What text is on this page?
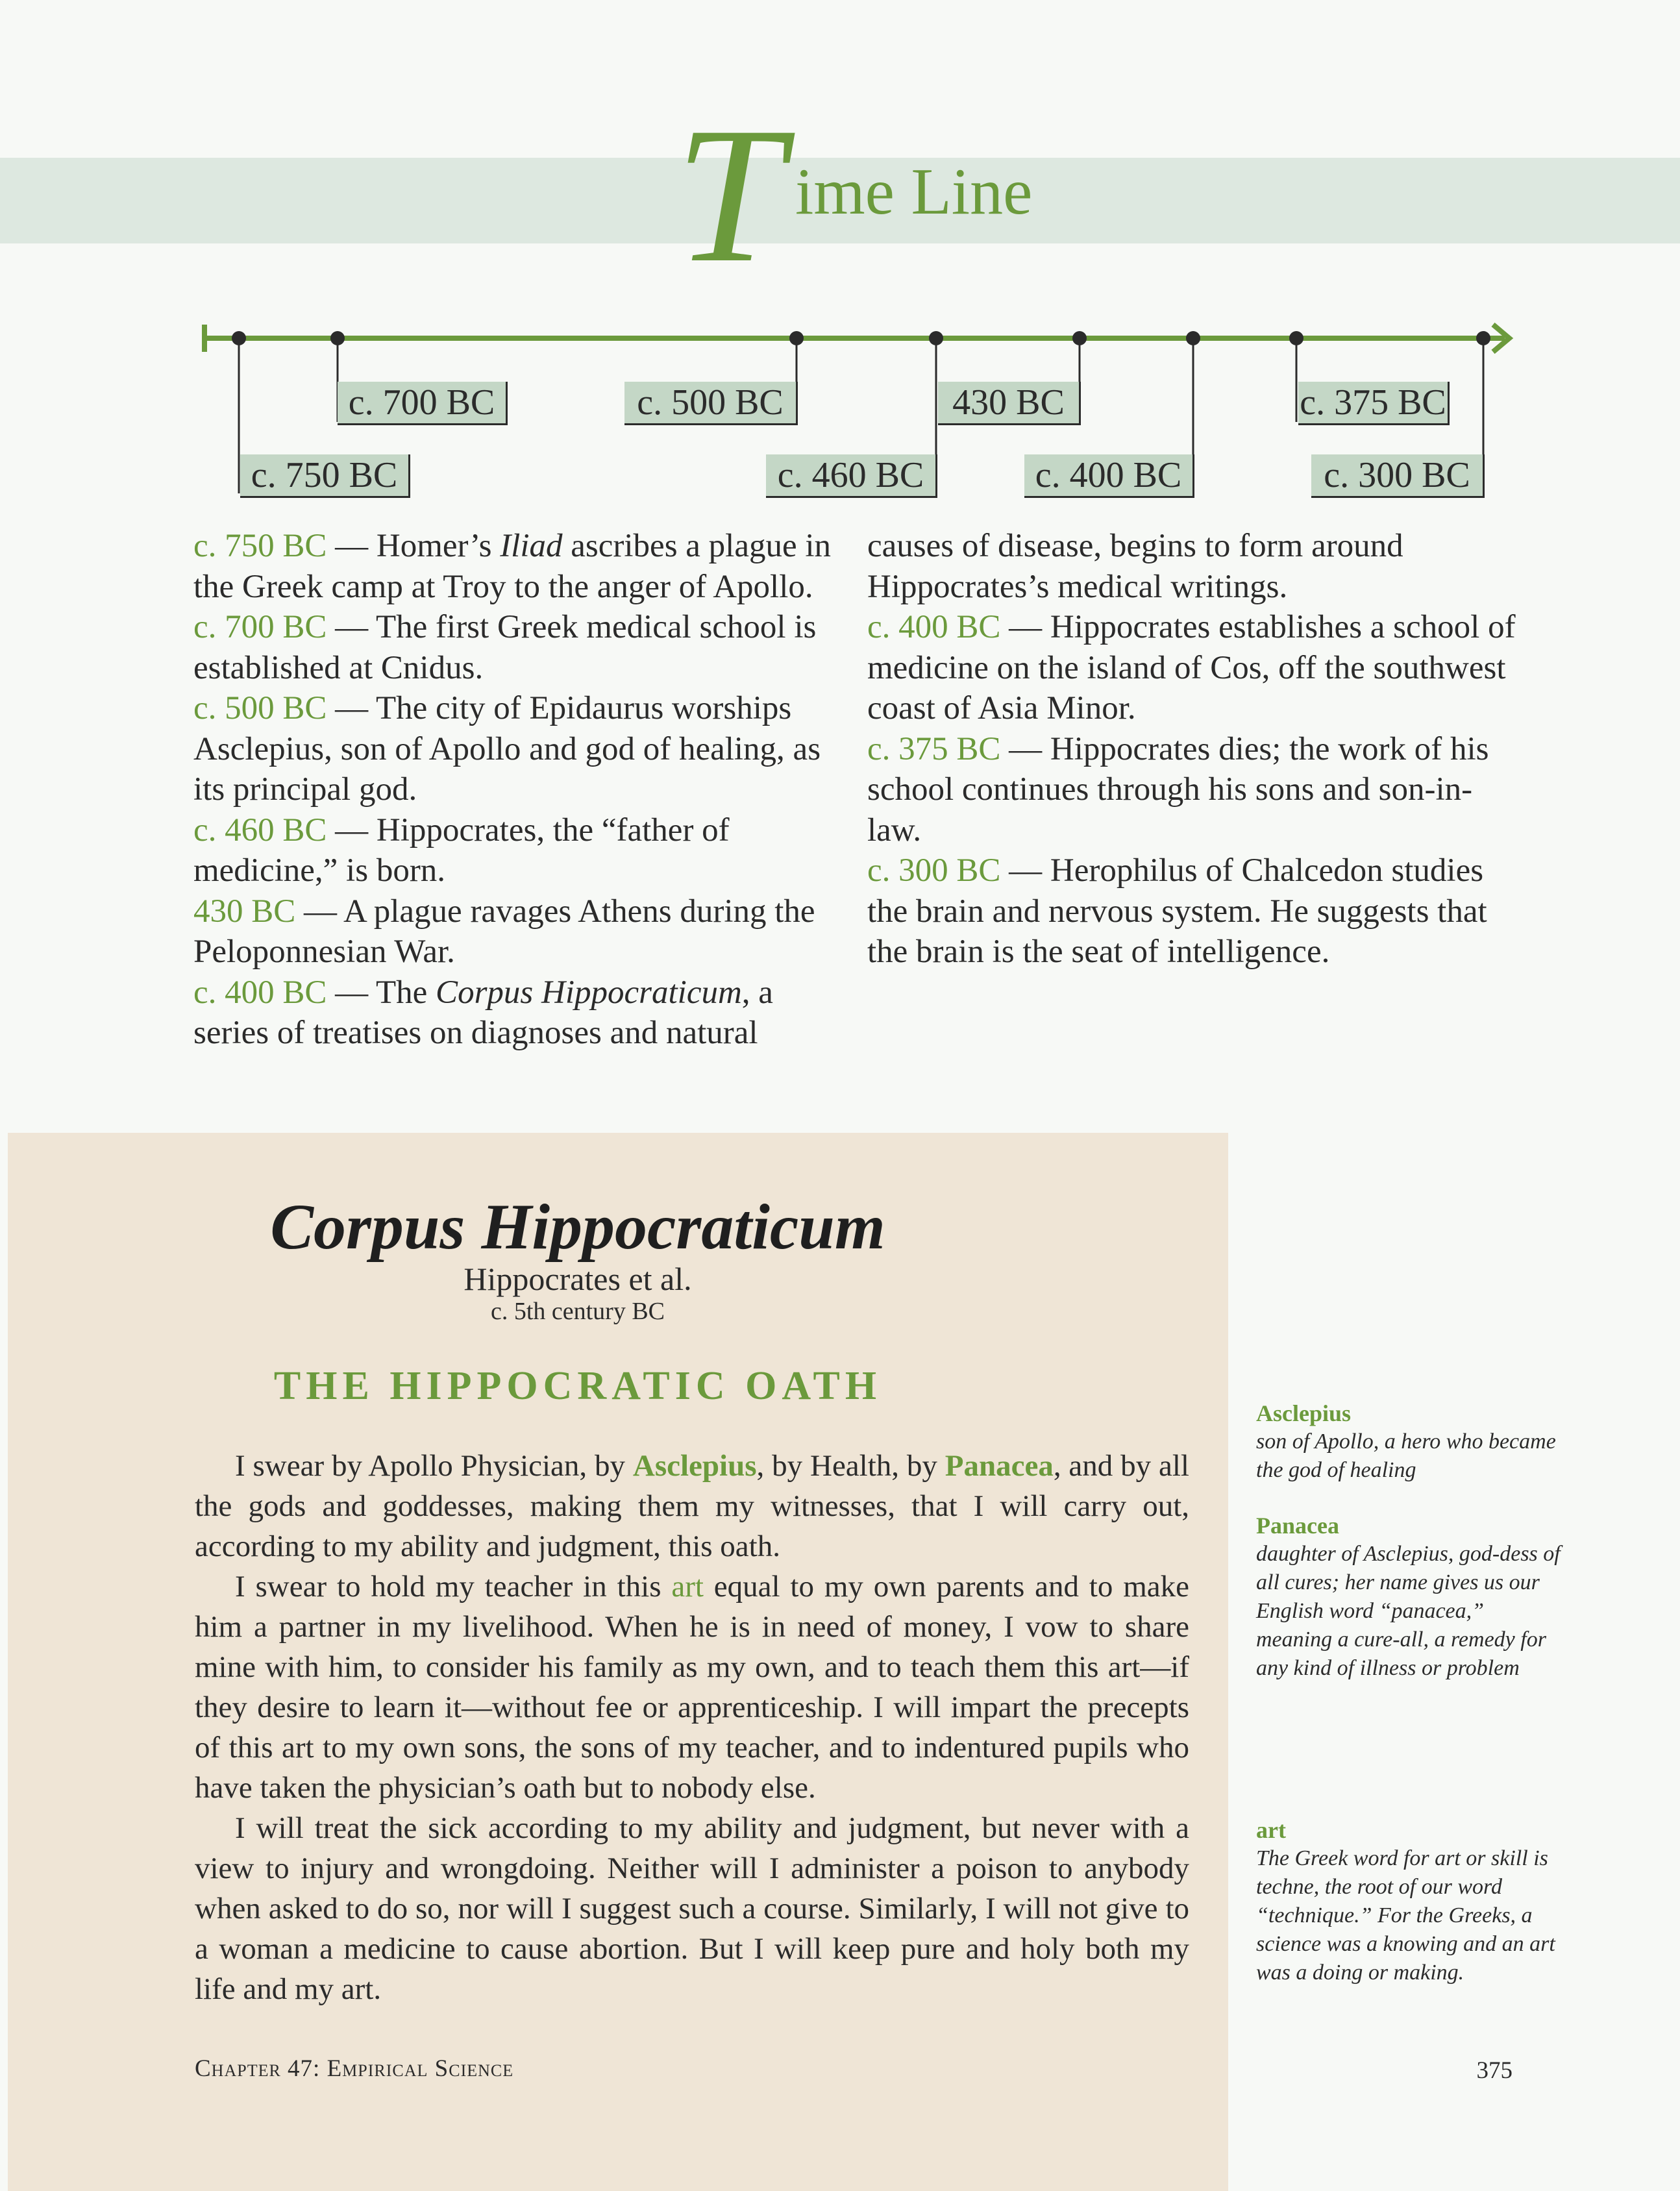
T ime Line
c. 700 BC	c. 500 BC	430 BC	c. 375 BC
c. 750 BC	c. 460 BC	c. 400 BC	c. 300 BC

c. 750 BC — Homer’s Iliad ascribes a plague in the Greek camp at Troy to the anger of Apollo.

c. 700 BC — The first Greek medical school is established at Cnidus.

c. 500 BC — The city of Epidaurus worships Asclepius, son of Apollo and god of healing, as its principal god.

c. 460 BC — Hippocrates, the “father of medicine,” is born.

430 BC — A plague ravages Athens during the Peloponnesian War.

c. 400 BC — The Corpus Hippocraticum, a series of treatises on diagnoses and natural

causes of disease, begins to form around Hippocrates’s medical writings.

c. 400 BC — Hippocrates establishes a school of medicine on the island of Cos, off the southwest coast of Asia Minor.

c. 375 BC — Hippocrates dies; the work of his school continues through his sons and son-in-law.

c. 300 BC — Herophilus of Chalcedon studies the brain and nervous system. He suggests that the brain is the seat of intelligence.

Corpus Hippocraticum
Hippocrates et al.
c. 5th century BC
THE HIPPOCRATIC OATH

I swear by Apollo Physician, by Asclepius, by Health, by Panacea, and by all the gods and goddesses, making them my witnesses, that I will carry out, according to my ability and judgment, this oath.

I swear to hold my teacher in this art equal to my own parents and to make him a partner in my livelihood. When he is in need of money, I vow to share mine with him, to consider his family as my own, and to teach them this art—if they desire to learn it—without fee or apprenticeship. I will impart the precepts of this art to my own sons, the sons of my teacher, and to indentured pupils who have taken the physician’s oath but to nobody else.

I will treat the sick according to my ability and judgment, but never with a view to injury and wrongdoing. Neither will I administer a poison to anybody when asked to do so, nor will I suggest such a course. Similarly, I will not give to a woman a medicine to cause abortion. But I will keep pure and holy both my life and my art.

Asclepius
son of Apollo, a hero who became the god of healing
Panacea
daughter of Asclepius, god-dess of all cures; her name gives us our English word “panacea,” meaning a cure-all, a remedy for any kind of illness or problem
art
The Greek word for art or skill is techne, the root of our word “technique.” For the Greeks, a science was a knowing and an art was a doing or making.
Chapter 47: Empirical Science	375
